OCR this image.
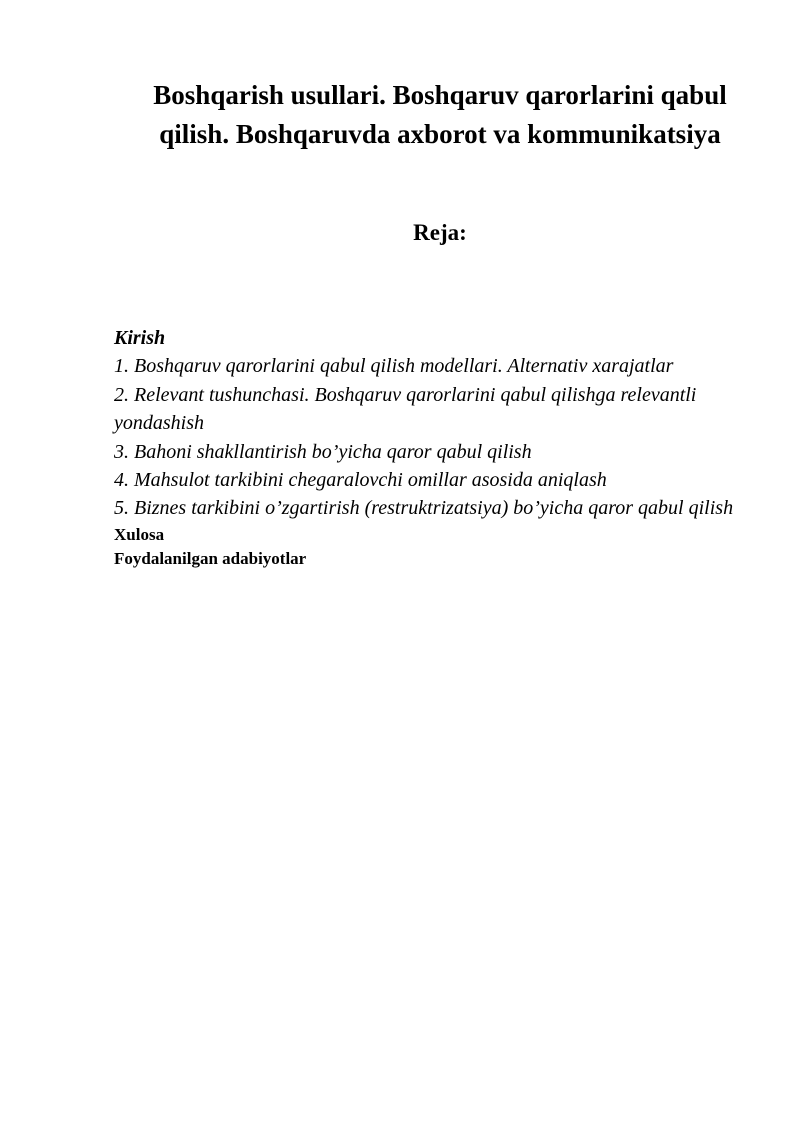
Boshqarish usullari. Boshqaruv qarorlarini qabul qilish. Boshqaruvda axborot va kommunikatsiya
Reja:
Kirish
1. Boshqaruv qarorlarini qabul qilish modellari. Alternativ xarajatlar
2. Relevant tushunchasi. Boshqaruv qarorlarini qabul qilishga relevantli yondashish
3. Bahoni shakllantirish bo’yicha qaror qabul qilish
4. Mahsulot tarkibini chegaralovchi omillar asosida aniqlash
5. Biznes tarkibini o’zgartirish (restruktrizatsiya) bo’yicha qaror qabul qilish
Xulosa
Foydalanilgan adabiyotlar
